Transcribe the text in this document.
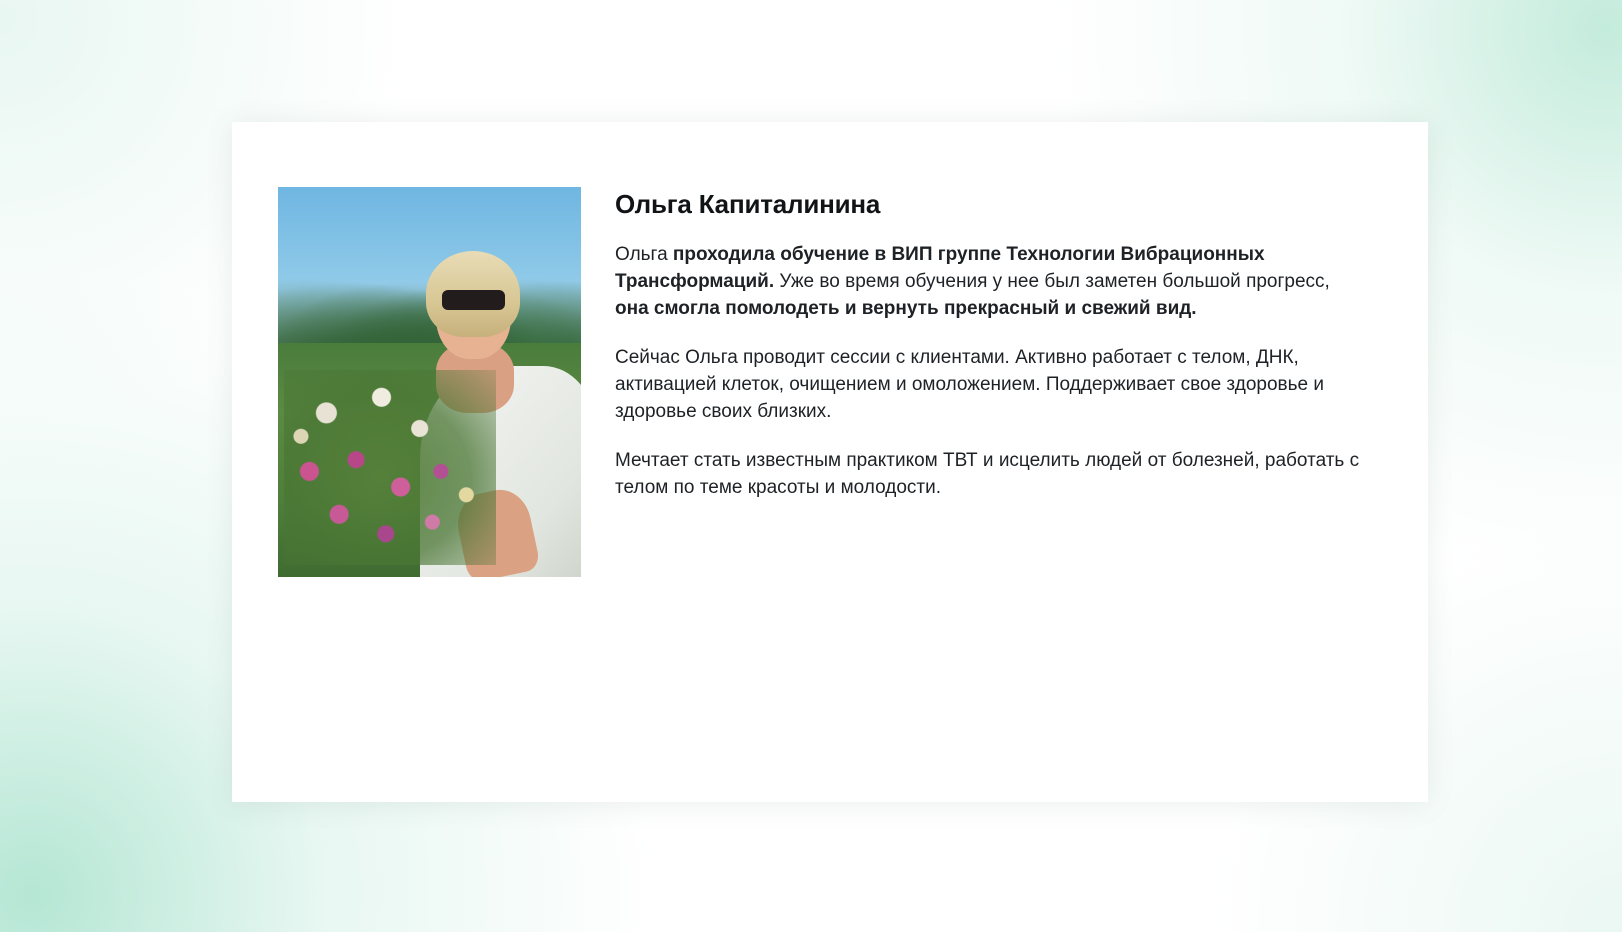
Ольга Капиталинина

Ольга проходила обучение в ВИП группе Технологии Вибрационных Трансформаций. Уже во время обучения у нее был заметен большой прогресс, она смогла помолодеть и вернуть прекрасный и свежий вид.

Сейчас Ольга проводит сессии с клиентами. Активно работает с телом, ДНК, активацией клеток, очищением и омоложением. Поддерживает свое здоровье и здоровье своих близких.

Мечтает стать известным практиком ТВТ и исцелить людей от болезней, работать с телом по теме красоты и молодости.
